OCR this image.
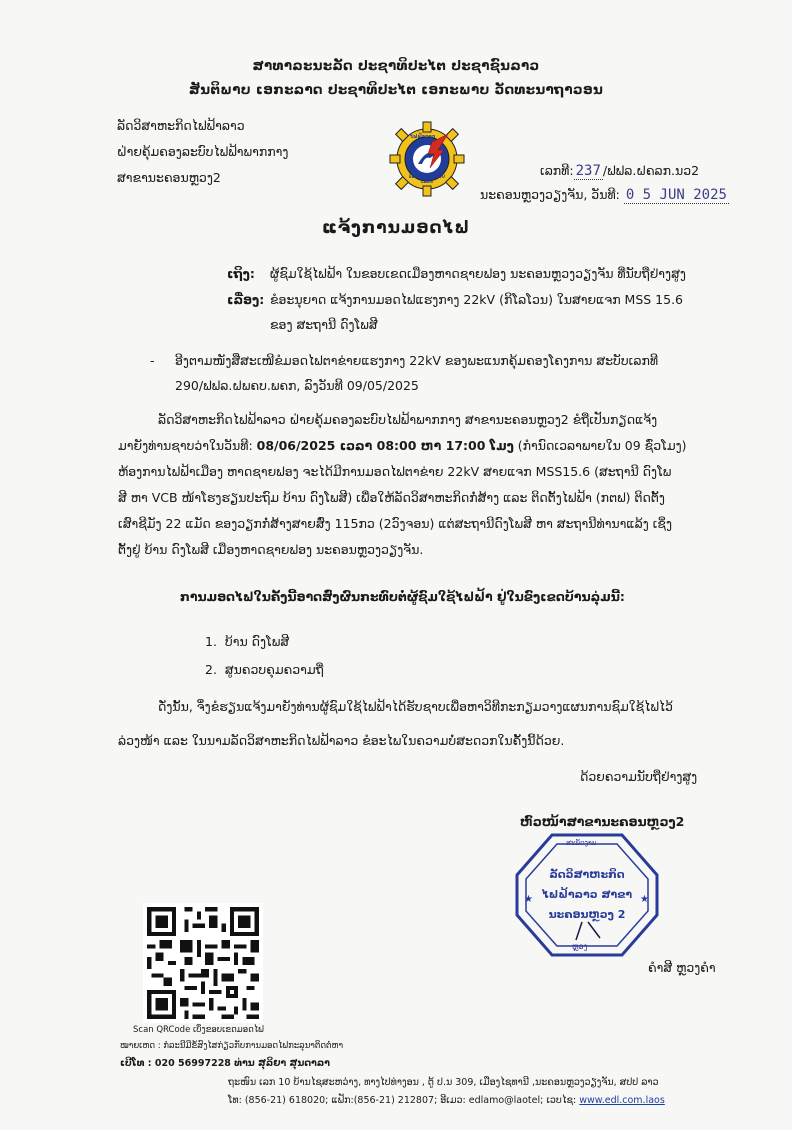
ສາທາລະນະລັດ ປະຊາທິປະໄຕ ປະຊາຊົນລາວ
ສັນຕິພາບ ເອກະລາດ ປະຊາທິປະໄຕ ເອກະພາບ ວັດທະນາຖາວອນ
ລັດວິສາຫະກິດໄຟຟ້າລາວ
ຝ່າຍຄຸ້ມຄອງລະບົບໄຟຟ້າພາກກາງ
ສາຂານະຄອນຫຼວງ2
ໄຟຟ້າລາວ
ELECTRICITE DU LAOS
ເລກທີ: 237 /ຟຟລ.ຝຄລກ.ນວ2
ນະຄອນຫຼວງວຽງຈັນ, ວັນທີ: 0 5 JUN 2025
ແຈ້ງການມອດໄຟ
ເຖິງ: ຜູ້ຊົມໃຊ້ໄຟຟ້າ ໃນຂອບເຂດເມືອງຫາດຊາຍຟອງ ນະຄອນຫຼວງວຽງຈັນ ທີ່ນັບຖືຢ່າງສູງ
ເລື່ອງ: ຂໍອະນຸຍາດ ແຈ້ງການມອດໄຟແຮງກາງ 22kV (ກິໂລໂວນ) ໃນສາຍແຈກ MSS 15.6
ຂອງ ສະຖານີ ດົງໂພສີ
- ອີງຕາມໜັງສືສະເໜີຂໍມອດໄຟຕາຂ່າຍແຮງກາງ 22kV ຂອງພະແນກຄຸ້ມຄອງໂຄງການ ສະບັບເລກທີ
290/ຟຟລ.ຝພຄບ.ພຄກ, ລົງວັນທີ 09/05/2025
ລັດວິສາຫະກິດໄຟຟ້າລາວ ຝ່າຍຄຸ້ມຄອງລະບົບໄຟຟ້າພາກກາງ ສາຂານະຄອນຫຼວງ2 ຂໍຖືເປັນກຽດແຈ້ງ
ມາຍັງທ່ານຊາບວ່າໃນວັນທີ: 08/06/2025 ເວລາ 08:00 ຫາ 17:00 ໂມງ (ກຳນົດເວລາພາຍໃນ 09 ຊົ່ວໂມງ)
ຫ້ອງການໄຟຟ້າເມືອງ ຫາດຊາຍຟອງ ຈະໄດ້ມີການມອດໄຟຕາຂ່າຍ 22kV ສາຍແຈກ MSS15.6 (ສະຖານີ ດົງໂພ
ສີ ຫາ VCB ໜ້າໂຮງຮຽນປະຖົມ ບ້ານ ດົງໂພສີ) ເພື່ອໃຫ້ລັດວິສາຫະກິດກໍ່ສ້າງ ແລະ ຕິດຕັ້ງໄຟຟ້າ (ກຕຟ) ຕິດຕັ້ງ
ເສົາຊີມັງ 22 ແມັດ ຂອງວຽກກໍ່ສ້າງສາຍສົ່ງ 115ກວ (2ວົງຈອນ) ແຕ່ສະຖານີດົງໂພສີ ຫາ ສະຖານີທ່ານາແລ້ງ ເຊິ່ງ
ຕັ້ງຢູ່ ບ້ານ ດົງໂພສີ ເມືອງຫາດຊາຍຟອງ ນະຄອນຫຼວງວຽງຈັນ.
ການມອດໄຟໃນຄັ້ງນີ້ອາດສົ່ງຜົນກະທົບຕໍ່ຜູ້ຊົມໃຊ້ໄຟຟ້າ ຢູ່ໃນຂົງເຂດບ້ານລຸ່ມນີ້:
1. ບ້ານ ດົງໂພສີ
2. ສູນຄວບຄຸມຄວາມຖີ່
ດັ່ງນັ້ນ, ຈຶ່ງຂໍຮຽນແຈ້ງມາຍັງທ່ານຜູ້ຊົມໃຊ້ໄຟຟ້າໄດ້ຮັບຊາບເພື່ອຫາວິທີກະກຽມວາງແຜນການຊົມໃຊ້ໄຟໄວ້
ລ່ວງໜ້າ ແລະ ໃນນາມລັດວິສາຫະກິດໄຟຟ້າລາວ ຂໍອະໄພໃນຄວາມບໍ່ສະດວກໃນຄັ້ງນີ້ດ້ວຍ.
ດ້ວຍຄວາມນັບຖືຢ່າງສູງ
ຫົວໜ້າສາຂານະຄອນຫຼວງ2
★	★
ສະນັດງານ
ລັດວິສາຫະກິດ
ໄຟຟ້າລາວ ສາຂາ
ນະຄອນຫຼວງ 2
ຫຼວງ
ຄຳສີ ຫຼວງຄຳ
Scan QRCode ເບິ່ງຂອບເຂດມອດໄຟ
ໝາຍເຫດ : ກໍລະນີມີຂໍ້ສົງໄສກ່ຽວກັບການມອດໄຟກະລຸນາຕິດຕໍ່ຫາ
ເບີໂທ : 020 56997228 ທ່ານ ສຸລິຍາ ສຸນດາລາ
ຖະໜົນ ເລກ 10 ບ້ານໄຊສະຫວ່າງ, ທາງໄປທ່າງອນ , ຕູ້ ປ.ນ 309, ເມືອງໄຊທານີ ,ນະຄອນຫຼວງວຽງຈັນ, ສປປ ລາວ
ໂທ: (856-21) 618020; ແຟັກ:(856-21) 212807; ອີເມວ: edlamo@laotel; ເວບໄຊ: www.edl.com.laos
